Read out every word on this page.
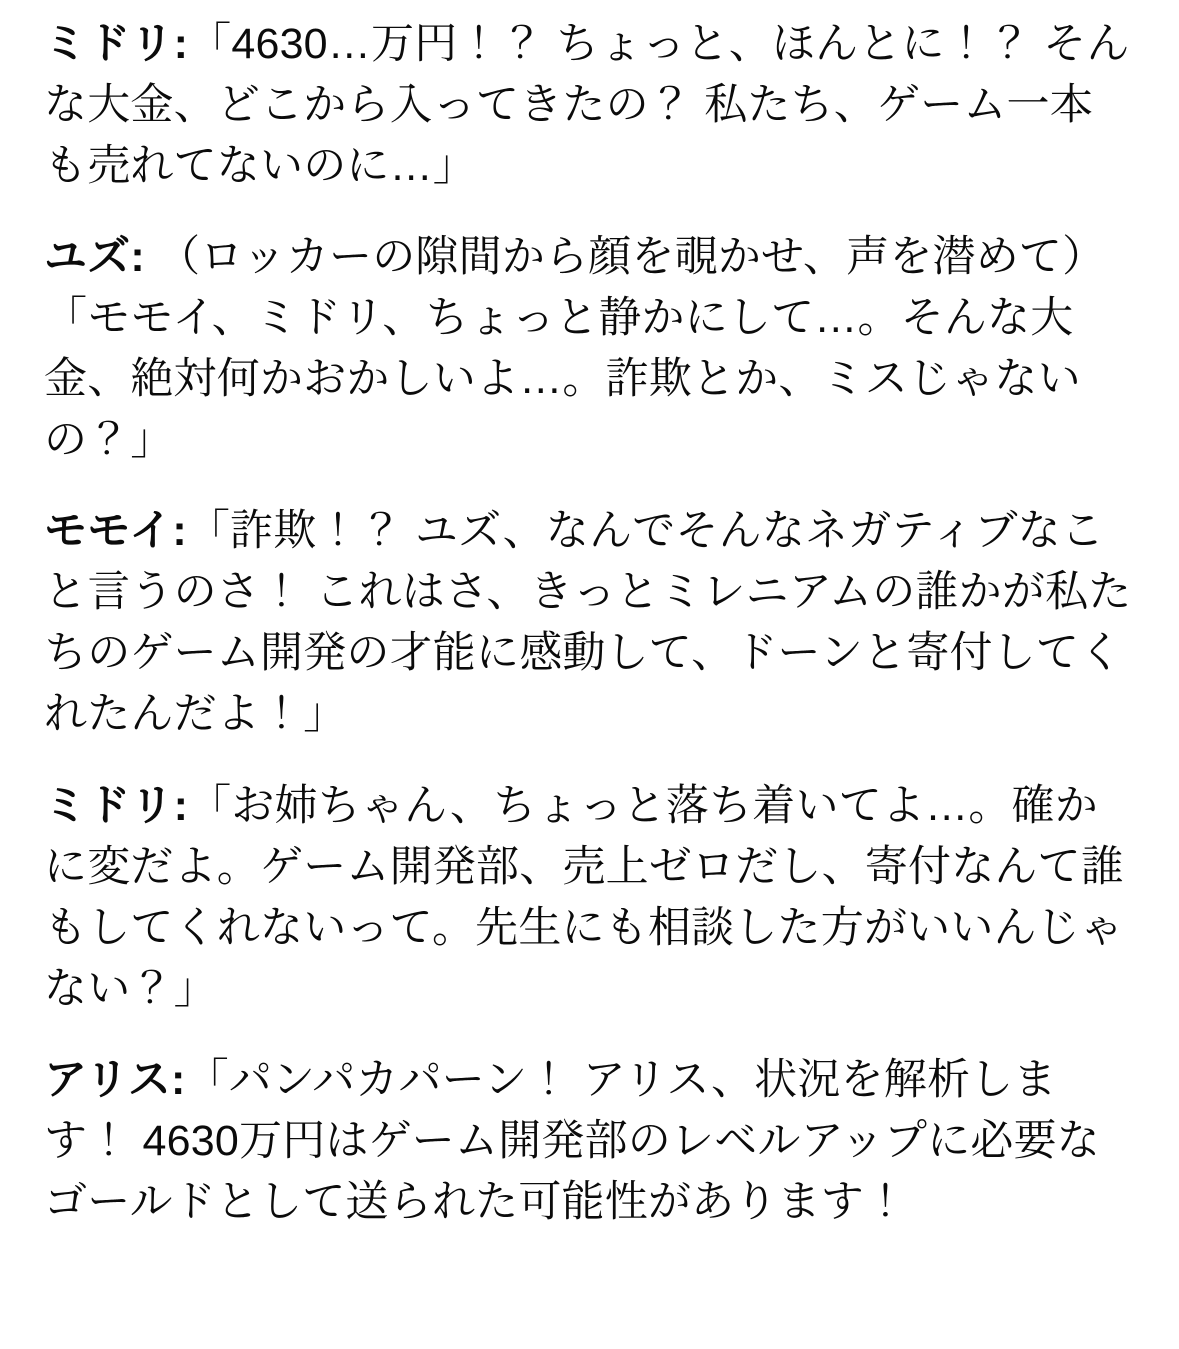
ミドリ:「4630…万円！？ ちょっと、ほんとに！？ そんな大金、どこから入ってきたの？ 私たち、ゲーム一本も売れてないのに…」

ユズ: （ロッカーの隙間から顔を覗かせ、声を潜めて）「モモイ、ミドリ、ちょっと静かにして…。そんな大金、絶対何かおかしいよ…。詐欺とか、ミスじゃないの？」

モモイ:「詐欺！？ ユズ、なんでそんなネガティブなこと言うのさ！ これはさ、きっとミレニアムの誰かが私たちのゲーム開発の才能に感動して、ドーンと寄付してくれたんだよ！」

ミドリ:「お姉ちゃん、ちょっと落ち着いてよ…。確かに変だよ。ゲーム開発部、売上ゼロだし、寄付なんて誰もしてくれないって。先生にも相談した方がいいんじゃない？」

アリス:「パンパカパーン！ アリス、状況を解析します！ 4630万円はゲーム開発部のレベルアップに必要なゴールドとして送られた可能性があります！
